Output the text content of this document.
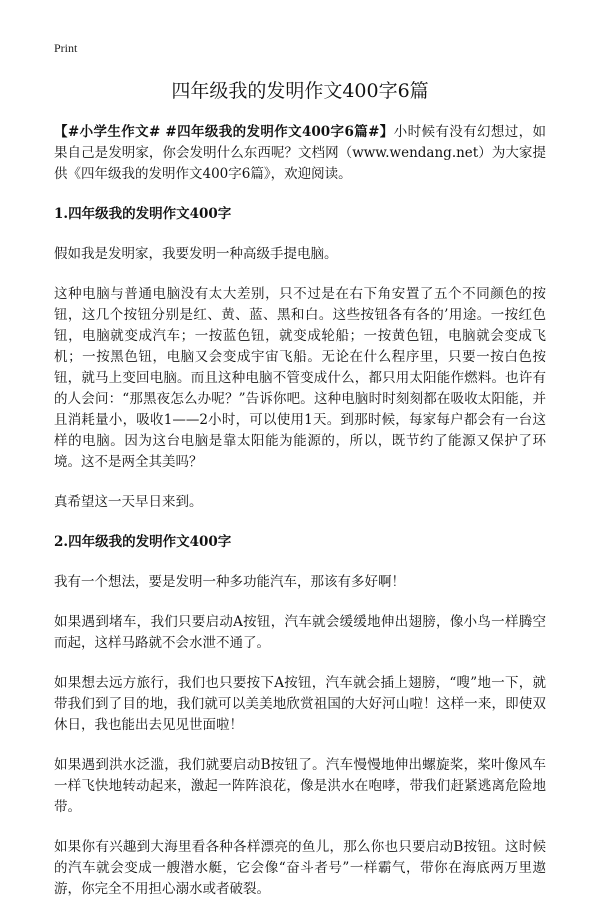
Print
四年级我的发明作文400字6篇

【#小学生作文# #四年级我的发明作文400字6篇#】小时候有没有幻想过，如果自己是发明家，你会发明什么东西呢？文档网（www.wendang.net）为大家提供《四年级我的发明作文400字6篇》，欢迎阅读。

1.四年级我的发明作文400字

假如我是发明家，我要发明一种高级手提电脑。

这种电脑与普通电脑没有太大差别，只不过是在右下角安置了五个不同颜色的按钮，这几个按钮分别是红、黄、蓝、黑和白。这些按钮各有各的’用途。一按红色钮，电脑就变成汽车；一按蓝色钮，就变成轮船；一按黄色钮，电脑就会变成飞机；一按黑色钮，电脑又会变成宇宙飞船。无论在什么程序里，只要一按白色按钮，就马上变回电脑。而且这种电脑不管变成什么，都只用太阳能作燃料。也许有的人会问：“那黑夜怎么办呢？”告诉你吧。这种电脑时时刻刻都在吸收太阳能，并且消耗量小，吸收1——2小时，可以使用1天。到那时候，每家每户都会有一台这样的电脑。因为这台电脑是靠太阳能为能源的，所以，既节约了能源又保护了环境。这不是两全其美吗？

真希望这一天早日来到。

2.四年级我的发明作文400字

我有一个想法，要是发明一种多功能汽车，那该有多好啊！

如果遇到堵车，我们只要启动A按钮，汽车就会缓缓地伸出翅膀，像小鸟一样腾空而起，这样马路就不会水泄不通了。

如果想去远方旅行，我们也只要按下A按钮，汽车就会插上翅膀，“嗖”地一下，就带我们到了目的地，我们就可以美美地欣赏祖国的大好河山啦！这样一来，即使双休日，我也能出去见见世面啦！

如果遇到洪水泛滥，我们就要启动B按钮了。汽车慢慢地伸出螺旋桨，桨叶像风车一样飞快地转动起来，激起一阵阵浪花，像是洪水在咆哮，带我们赶紧逃离危险地带。

如果你有兴趣到大海里看各种各样漂亮的鱼儿，那么你也只要启动B按钮。这时候的汽车就会变成一艘潜水艇，它会像“奋斗者号”一样霸气，带你在海底两万里遨游，你完全不用担心溺水或者破裂。
